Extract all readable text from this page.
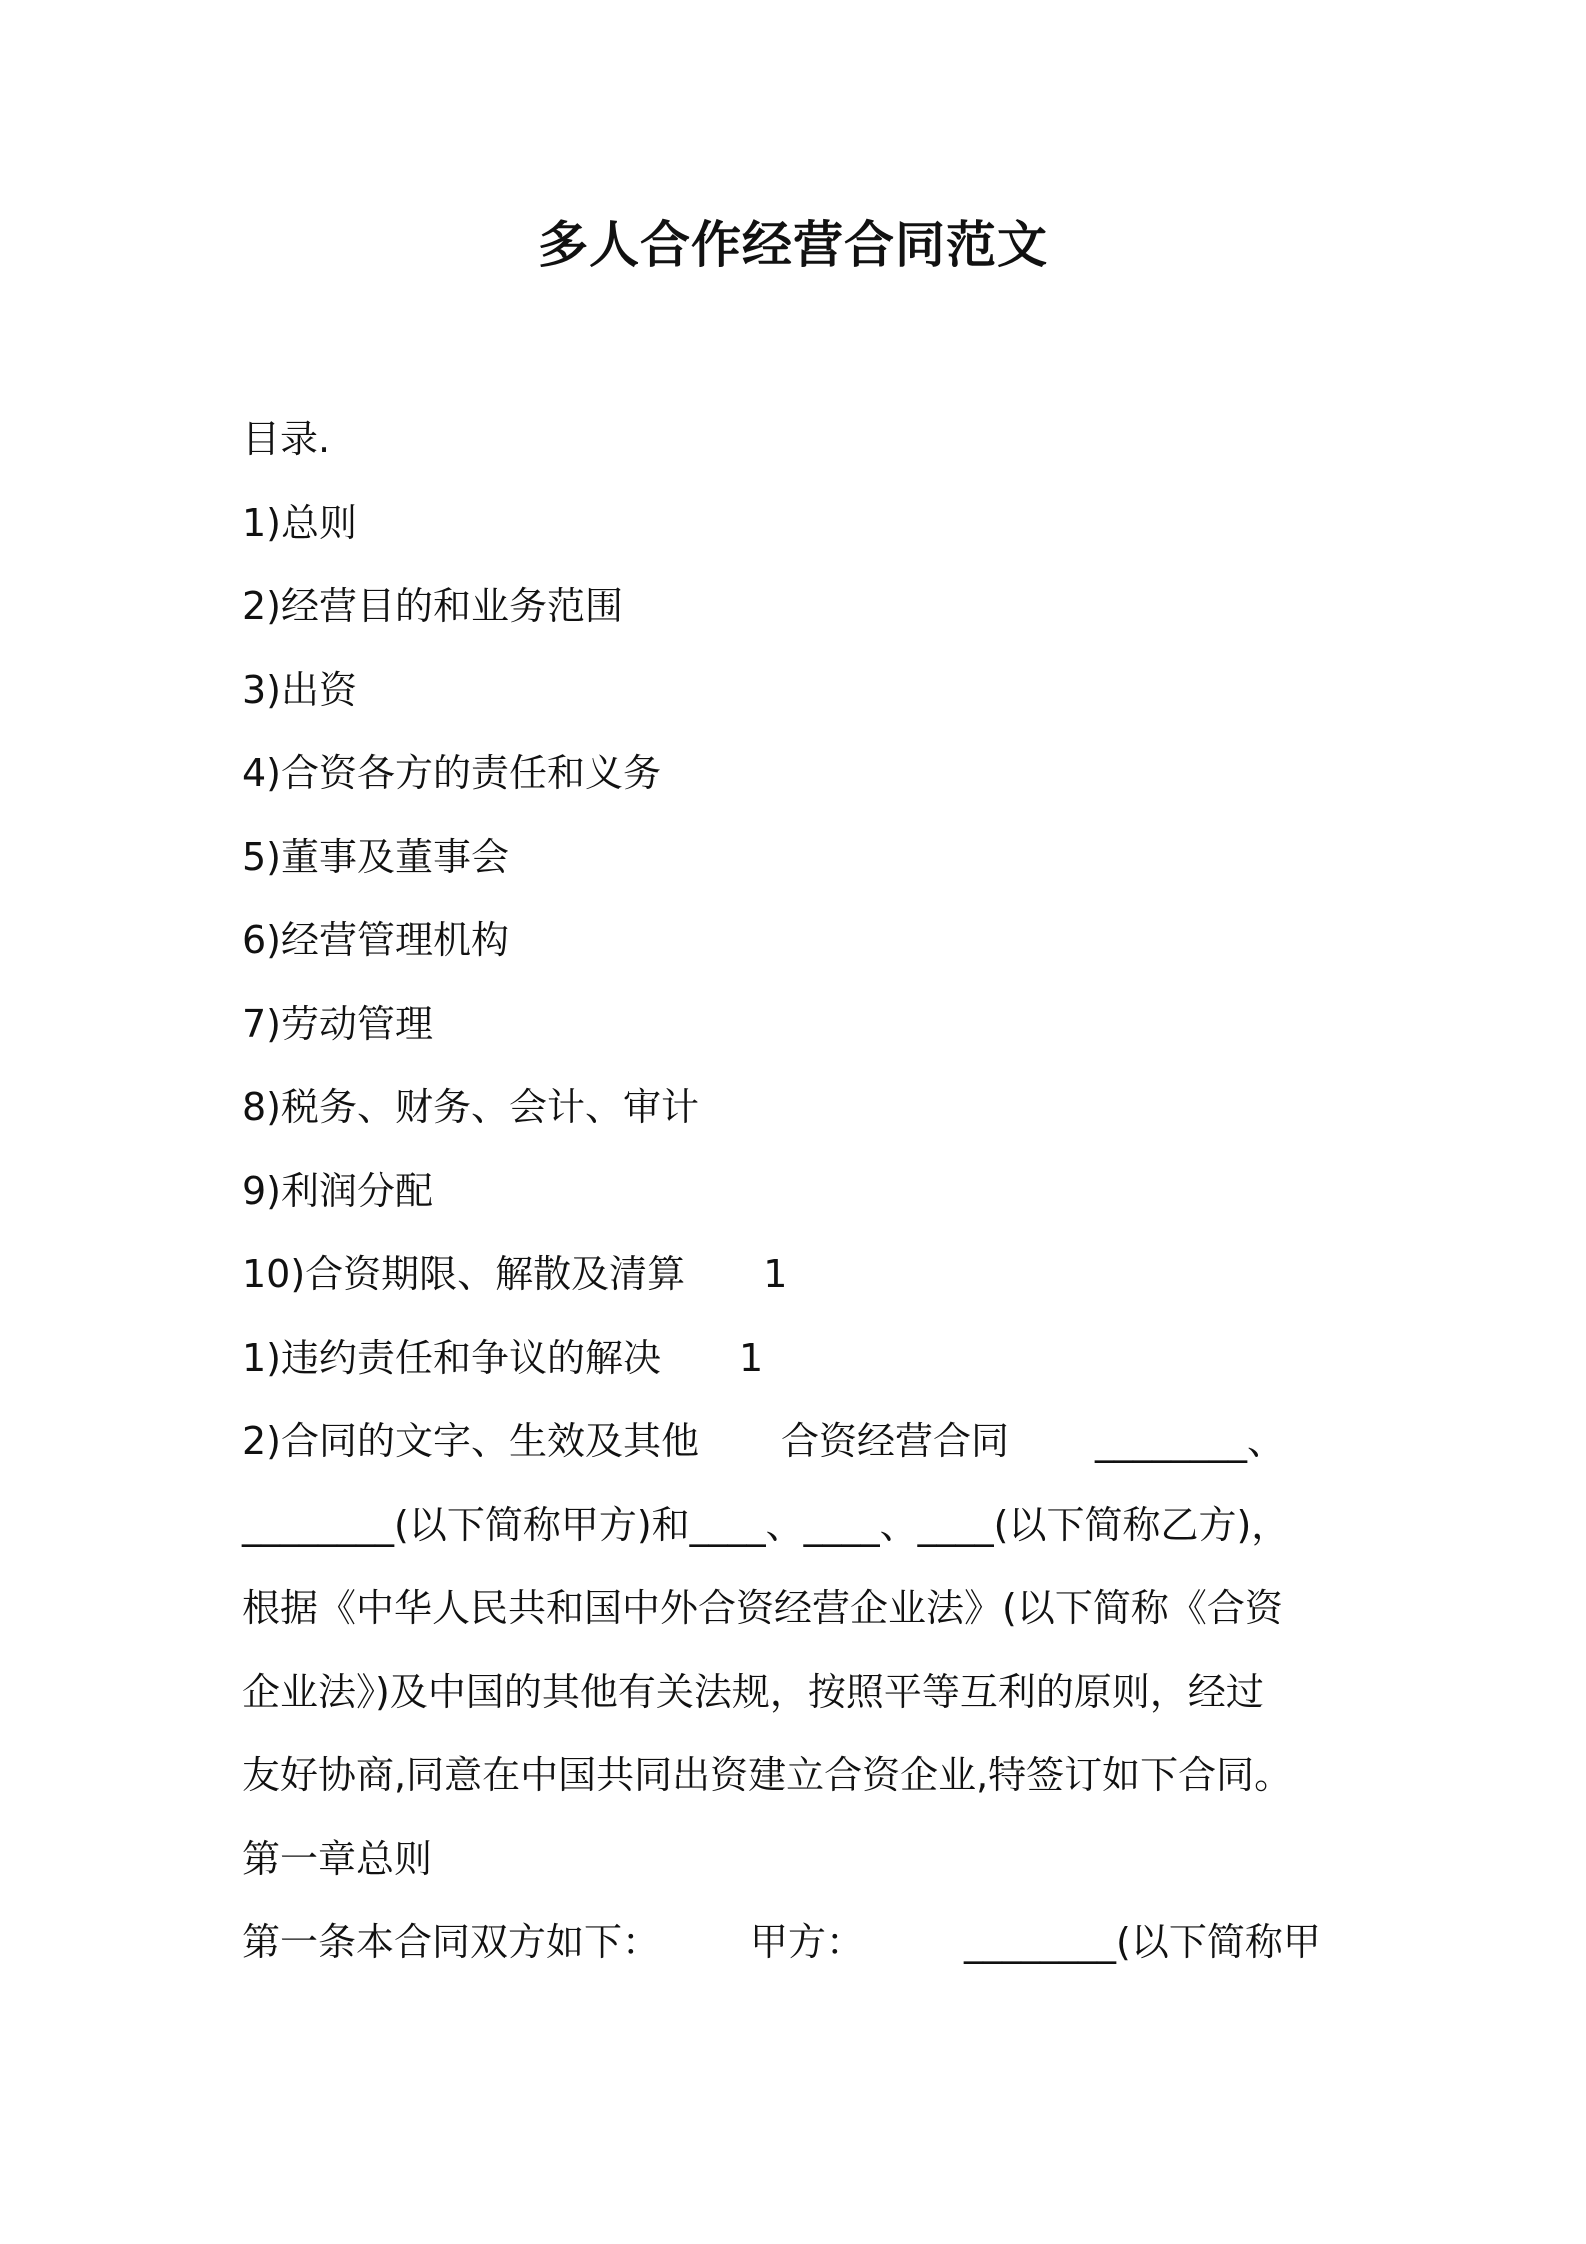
多人合作经营合同范文
目录.
1)总则
2)经营目的和业务范围
3)出资
4)合资各方的责任和义务
5)董事及董事会
6)经营管理机构
7)劳动管理
8)税务、财务、会计、审计
9)利润分配
10)合资期限、解散及清算 1
1)违约责任和争议的解决 1
2)合同的文字、生效及其他 合资经营合同 ________、
________(以下简称甲方)和____、____、____(以下简称乙方)，
根据《中华人民共和国中外合资经营企业法》(以下简称《合资
企业法》)及中国的其他有关法规，按照平等互利的原则，经过
友好协商,同意在中国共同出资建立合资企业,特签订如下合同。
第一章总则
第一条本合同双方如下： 甲方：	________(以下简称甲
